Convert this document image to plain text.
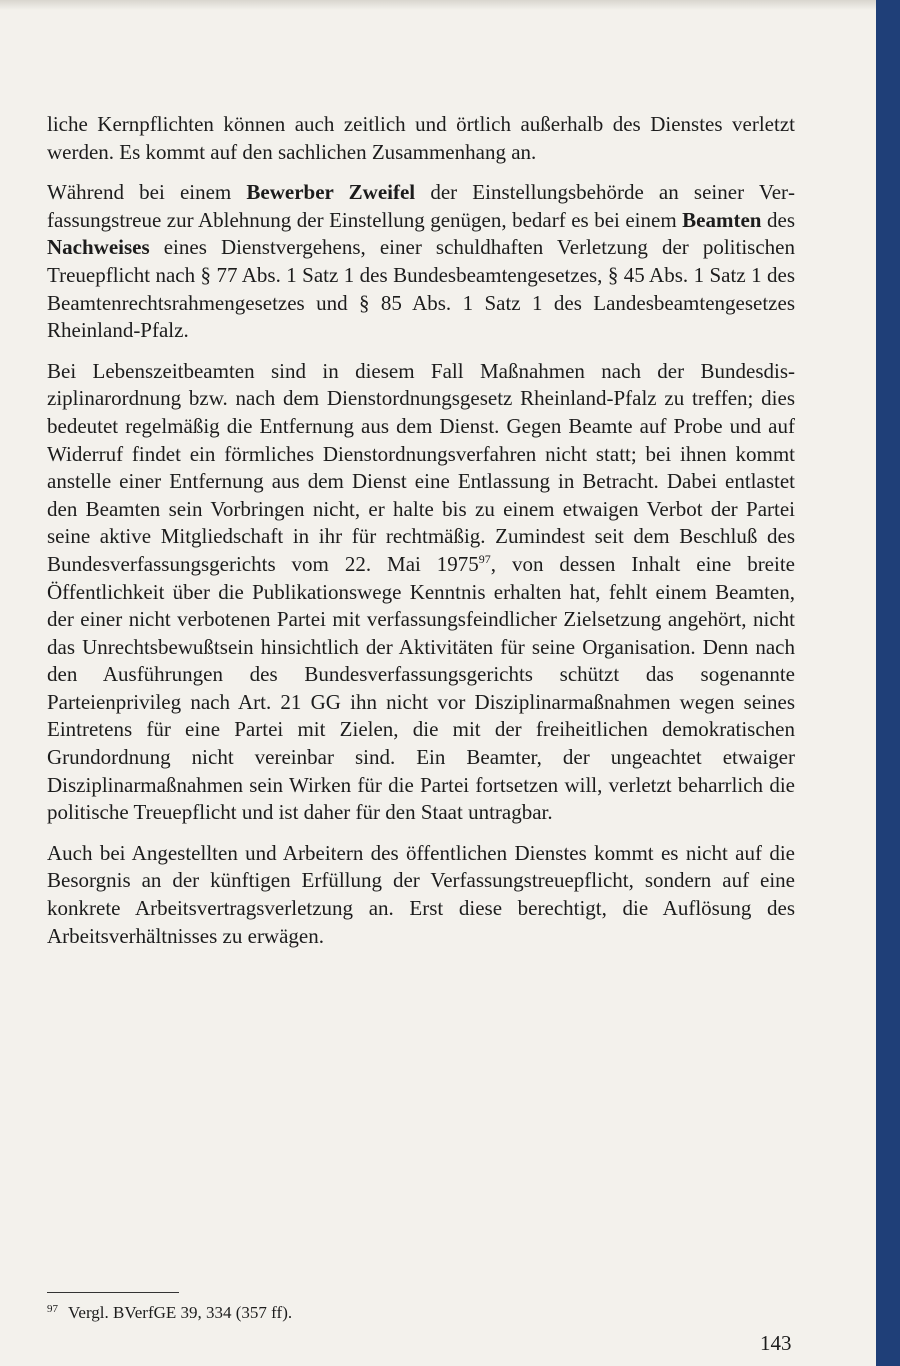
liche Kernpflichten können auch zeitlich und örtlich außerhalb des Dienstes verletzt werden. Es kommt auf den sachlichen Zusammenhang an.

Während bei einem Bewerber Zweifel der Einstellungsbehörde an seiner Verfassungstreue zur Ablehnung der Einstellung genügen, bedarf es bei einem Beamten des Nachweises eines Dienstvergehens, einer schuldhaften Verletzung der politischen Treuepflicht nach § 77 Abs. 1 Satz 1 des Bundesbeamtengesetzes, § 45 Abs. 1 Satz 1 des Beamtenrechtsrahmengesetzes und § 85 Abs. 1 Satz 1 des Landesbeamtengesetzes Rheinland-Pfalz.

Bei Lebenszeitbeamten sind in diesem Fall Maßnahmen nach der Bundesdisziplinarordnung bzw. nach dem Dienstordnungsgesetz Rheinland-Pfalz zu treffen; dies bedeutet regelmäßig die Entfernung aus dem Dienst. Gegen Beamte auf Probe und auf Widerruf findet ein förmliches Dienstordnungsverfahren nicht statt; bei ihnen kommt anstelle einer Entfernung aus dem Dienst eine Entlassung in Betracht. Dabei entlastet den Beamten sein Vorbringen nicht, er halte bis zu einem etwaigen Verbot der Partei seine aktive Mitgliedschaft in ihr für rechtmäßig. Zumindest seit dem Beschluß des Bundesverfassungsgerichts vom 22. Mai 1975$^{97}$, von dessen Inhalt eine breite Öffentlichkeit über die Publikationswege Kenntnis erhalten hat, fehlt einem Beamten, der einer nicht verbotenen Partei mit verfassungsfeindlicher Zielsetzung angehört, nicht das Unrechtsbewußtsein hinsichtlich der Aktivitäten für seine Organisation. Denn nach den Ausführungen des Bundesverfassungsgerichts schützt das sogenannte Parteienprivileg nach Art. 21 GG ihn nicht vor Disziplinarmaßnahmen wegen seines Eintretens für eine Partei mit Zielen, die mit der freiheitlichen demokratischen Grundordnung nicht vereinbar sind. Ein Beamter, der ungeachtet etwaiger Disziplinarmaßnahmen sein Wirken für die Partei fortsetzen will, verletzt beharrlich die politische Treuepflicht und ist daher für den Staat untragbar.

Auch bei Angestellten und Arbeitern des öffentlichen Dienstes kommt es nicht auf die Besorgnis an der künftigen Erfüllung der Verfassungstreuepflicht, sondern auf eine konkrete Arbeitsvertragsverletzung an. Erst diese berechtigt, die Auflösung des Arbeitsverhältnisses zu erwägen.

$^{97}$ Vergl. BVerfGE 39, 334 (357 ff).
143
